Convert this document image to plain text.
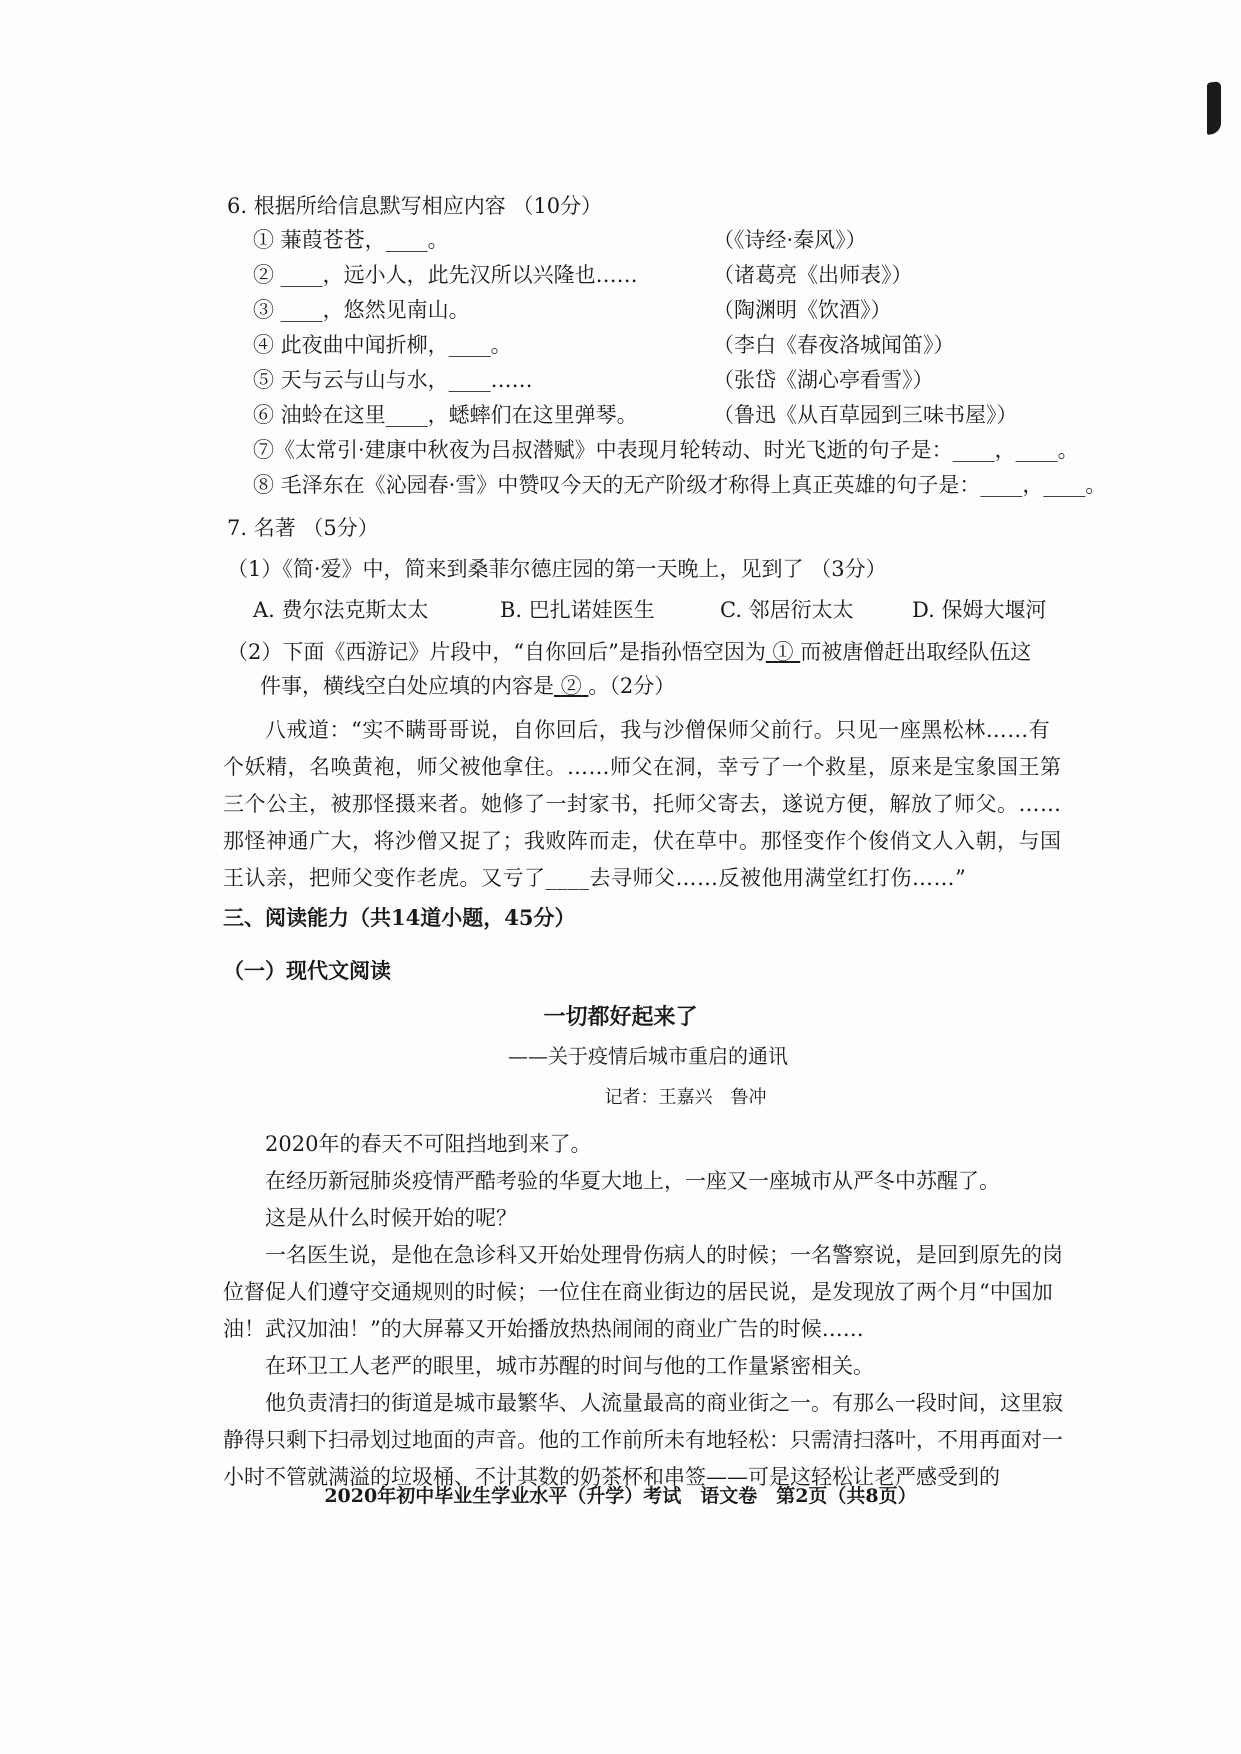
6. 根据所给信息默写相应内容 （10分）
① 蒹葭苍苍，____。	（《诗经·秦风》）
② ____，远小人，此先汉所以兴隆也……	（诸葛亮《出师表》）
③ ____，悠然见南山。	（陶渊明《饮酒》）
④ 此夜曲中闻折柳，____。	（李白《春夜洛城闻笛》）
⑤ 天与云与山与水，____……	（张岱《湖心亭看雪》）
⑥ 油蛉在这里____，蟋蟀们在这里弹琴。	（鲁迅《从百草园到三味书屋》）
⑦《太常引·建康中秋夜为吕叔潜赋》中表现月轮转动、时光飞逝的句子是：____，____。
⑧ 毛泽东在《沁园春·雪》中赞叹今天的无产阶级才称得上真正英雄的句子是：____，____。
7. 名著 （5分）
（1）《简·爱》中，简来到桑菲尔德庄园的第一天晚上，见到了 （3分）
A. 费尔法克斯太太	B. 巴扎诺娃医生	C. 邻居衍太太	D. 保姆大堰河
（2）下面《西游记》片段中，“自你回后”是指孙悟空因为 ① 而被唐僧赶出取经队伍这
件事，横线空白处应填的内容是 ② 。（2分）
八戒道：“实不瞒哥哥说，自你回后，我与沙僧保师父前行。只见一座黑松林……有个妖精，名唤黄袍，师父被他拿住。……师父在洞，幸亏了一个救星，原来是宝象国王第三个公主，被那怪摄来者。她修了一封家书，托师父寄去，遂说方便，解放了师父。……那怪神通广大，将沙僧又捉了；我败阵而走，伏在草中。那怪变作个俊俏文人入朝，与国王认亲，把师父变作老虎。又亏了____去寻师父……反被他用满堂红打伤……”
三、阅读能力（共14道小题，45分）
（一）现代文阅读
一切都好起来了
——关于疫情后城市重启的通讯
记者：王嘉兴　鲁冲
2020年的春天不可阻挡地到来了。
在经历新冠肺炎疫情严酷考验的华夏大地上，一座又一座城市从严冬中苏醒了。
这是从什么时候开始的呢？
一名医生说，是他在急诊科又开始处理骨伤病人的时候；一名警察说，是回到原先的岗位督促人们遵守交通规则的时候；一位住在商业街边的居民说，是发现放了两个月“中国加油！武汉加油！”的大屏幕又开始播放热热闹闹的商业广告的时候……
在环卫工人老严的眼里，城市苏醒的时间与他的工作量紧密相关。
他负责清扫的街道是城市最繁华、人流量最高的商业街之一。有那么一段时间，这里寂静得只剩下扫帚划过地面的声音。他的工作前所未有地轻松：只需清扫落叶，不用再面对一小时不管就满溢的垃圾桶、不计其数的奶茶杯和串签——可是这轻松让老严感受到的
2020年初中毕业生学业水平（升学）考试　语文卷　第2页（共8页）
